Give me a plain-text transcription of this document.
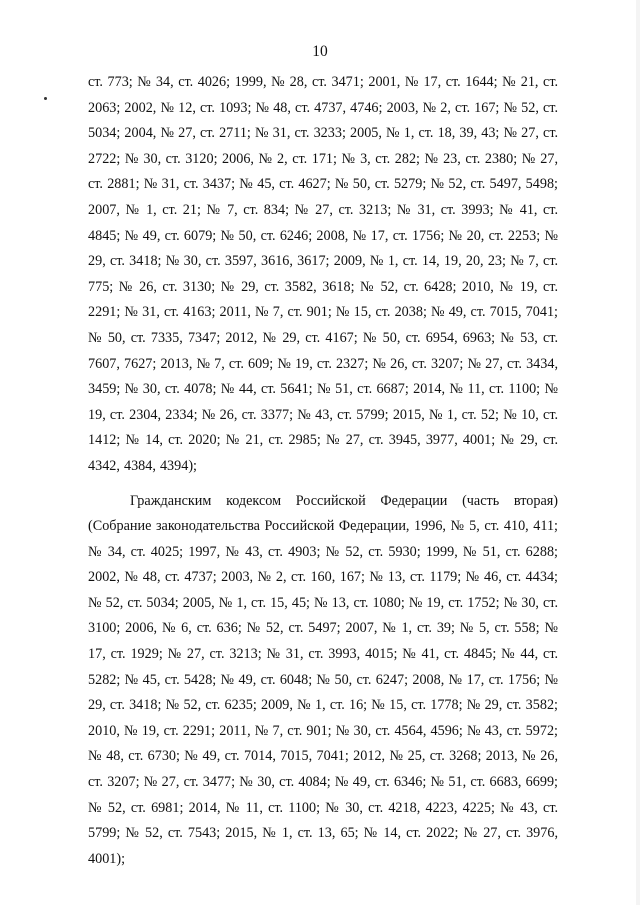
10

ст. 773; № 34, ст. 4026; 1999, № 28, ст. 3471; 2001, № 17, ст. 1644; № 21, ст. 2063; 2002, № 12, ст. 1093; № 48, ст. 4737, 4746; 2003, № 2, ст. 167; № 52, ст. 5034; 2004, № 27, ст. 2711; № 31, ст. 3233; 2005, № 1, ст. 18, 39, 43; № 27, ст. 2722; № 30, ст. 3120; 2006, № 2, ст. 171; № 3, ст. 282; № 23, ст. 2380; № 27, ст. 2881; № 31, ст. 3437; № 45, ст. 4627; № 50, ст. 5279; № 52, ст. 5497, 5498; 2007, № 1, ст. 21; № 7, ст. 834; № 27, ст. 3213; № 31, ст. 3993; № 41, ст. 4845; № 49, ст. 6079; № 50, ст. 6246; 2008, № 17, ст. 1756; № 20, ст. 2253; № 29, ст. 3418; № 30, ст. 3597, 3616, 3617; 2009, № 1, ст. 14, 19, 20, 23; № 7, ст. 775; № 26, ст. 3130; № 29, ст. 3582, 3618; № 52, ст. 6428; 2010, № 19, ст. 2291; № 31, ст. 4163; 2011, № 7, ст. 901; № 15, ст. 2038; № 49, ст. 7015, 7041; № 50, ст. 7335, 7347; 2012, № 29, ст. 4167; № 50, ст. 6954, 6963; № 53, ст. 7607, 7627; 2013, № 7, ст. 609; № 19, ст. 2327; № 26, ст. 3207; № 27, ст. 3434, 3459; № 30, ст. 4078; № 44, ст. 5641; № 51, ст. 6687; 2014, № 11, ст. 1100; № 19, ст. 2304, 2334; № 26, ст. 3377; № 43, ст. 5799; 2015, № 1, ст. 52; № 10, ст. 1412; № 14, ст. 2020; № 21, ст. 2985; № 27, ст. 3945, 3977, 4001; № 29, ст. 4342, 4384, 4394);

Гражданским кодексом Российской Федерации (часть вторая) (Собрание законодательства Российской Федерации, 1996, № 5, ст. 410, 411; № 34, ст. 4025; 1997, № 43, ст. 4903; № 52, ст. 5930; 1999, № 51, ст. 6288; 2002, № 48, ст. 4737; 2003, № 2, ст. 160, 167; № 13, ст. 1179; № 46, ст. 4434; № 52, ст. 5034; 2005, № 1, ст. 15, 45; № 13, ст. 1080; № 19, ст. 1752; № 30, ст. 3100; 2006, № 6, ст. 636; № 52, ст. 5497; 2007, № 1, ст. 39; № 5, ст. 558; № 17, ст. 1929; № 27, ст. 3213; № 31, ст. 3993, 4015; № 41, ст. 4845; № 44, ст. 5282; № 45, ст. 5428; № 49, ст. 6048; № 50, ст. 6247; 2008, № 17, ст. 1756; № 29, ст. 3418; № 52, ст. 6235; 2009, № 1, ст. 16; № 15, ст. 1778; № 29, ст. 3582; 2010, № 19, ст. 2291; 2011, № 7, ст. 901; № 30, ст. 4564, 4596; № 43, ст. 5972; № 48, ст. 6730; № 49, ст. 7014, 7015, 7041; 2012, № 25, ст. 3268; 2013, № 26, ст. 3207; № 27, ст. 3477; № 30, ст. 4084; № 49, ст. 6346; № 51, ст. 6683, 6699; № 52, ст. 6981; 2014, № 11, ст. 1100; № 30, ст. 4218, 4223, 4225; № 43, ст. 5799; № 52, ст. 7543; 2015, № 1, ст. 13, 65; № 14, ст. 2022; № 27, ст. 3976, 4001);
